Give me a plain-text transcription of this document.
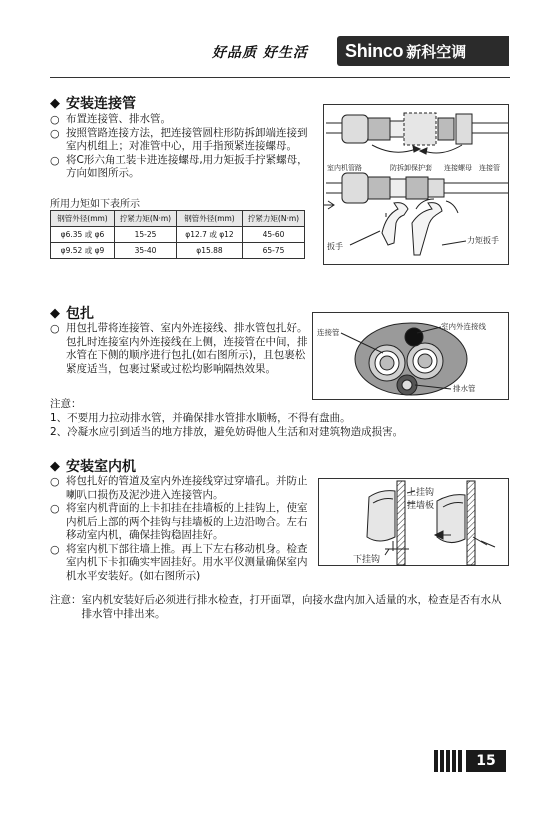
好品质 好生活 Shinco 新科空调
◆ 安装连接管
○ 布置连接管、排水管。
○ 按照管路连接方法，把连接管圆柱形防拆卸端连接到室内机组上；对准管中心，用手指预紧连接螺母。
○ 将C形六角工装卡进连接螺母,用力矩扳手拧紧螺母，方向如图所示。
所用力矩如下表所示
钢管外径(mm)	拧紧力矩(N·m)	钢管外径(mm)	拧紧力矩(N·m)
φ6.35 或 φ6	15-25	φ12.7 或 φ12	45-60
φ9.52 或 φ9	35-40	φ15.88	65-75
室内机管路	防拆卸保护套 连接螺母 连接管
扳手
力矩扳手
◆ 包扎
○ 用包扎带将连接管、室内外连接线、排水管包扎好。包扎时连接室内外连接线在上侧，连接管在中间，排水管在下侧的顺序进行包扎(如右图所示)，且包裹松紧度适当，包裹过紧或过松均影响隔热效果。
连接管
室内外连接线
排水管
注意：
1、不要用力拉动排水管，并确保排水管排水顺畅，不得有盘曲。
2、冷凝水应引到适当的地方排放，避免妨碍他人生活和对建筑物造成损害。
◆ 安装室内机
○ 将包扎好的管道及室内外连接线穿过穿墙孔。并防止喇叭口损伤及泥沙进入连接管内。
○ 将室内机背面的上卡扣挂在挂墙板的上挂钩上，使室内机后上部的两个挂钩与挂墙板的上边沿吻合。左右移动室内机，确保挂钩稳固挂好。
○ 将室内机下部往墙上推。再上下左右移动机身。检查室内机下卡扣确实牢固挂好。用水平仪测量确保室内机水平安装好。(如右图所示)
上挂钩
挂墙板
下挂钩
注意： 室内机安装好后必须进行排水检查，打开面罩，向接水盘内加入适量的水，检查是否有水从排水管中排出来。
15
